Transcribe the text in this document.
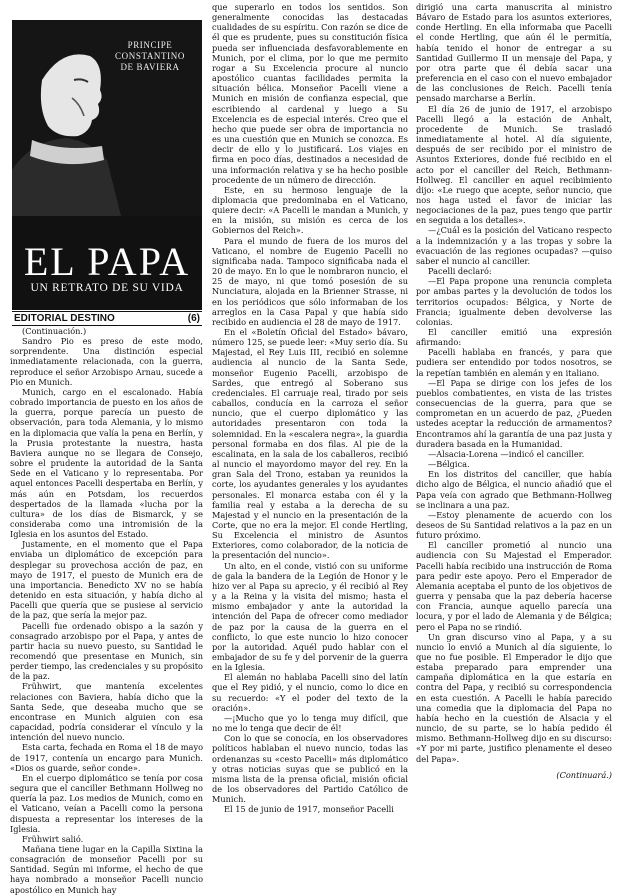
PRINCIPE
CONSTANTINO
DE BAVIERA
EL PAPA
UN RETRATO DE SU VIDA
EDITORIAL DESTINO	(6)

(Continuación.)

Sandro Pio es preso de este modo, sorprendente. Una distinción especial inmediatamente relacionada, con la guerra, reproduce el señor Arzobispo Arnau, sucede a Pio en Munich.

Munich, cargo en el escalonado. Había cobrado importancia de puesto en los años de la guerra, porque parecía un puesto de observación, para toda Alemania, y lo mismo en la diplomacia que valía la pena en Berlín, y la Prusia protestante la nuestra, hasta Baviera aunque no se llegara de Consejo, sobre el prudente la autoridad de la Santa Sede en el Vaticano y lo representaba. Por aquel entonces Pacelli despertaba en Berlín, y más aún en Potsdam, los recuerdos despertados de la llamada «lucha por la cultura» de los días de Bismarck, y se consideraba como una intromisión de la Iglesia en los asuntos del Estado.

Justamente, en el momento que el Papa enviaba un diplomático de excepción para desplegar su provechosa acción de paz, en mayo de 1917, el puesto de Munich era de una importancia. Benedicto XV no se había detenido en esta situación, y había dicho al Pacelli que quería que se pusiese al servicio de la paz, que sería la mejor paz.

Pacelli fue ordenado obispo a la sazón y consagrado arzobispo por el Papa, y antes de partir hacia su nuevo puesto, su Santidad le recomendó que presentase en Munich, sin perder tiempo, las credenciales y su propósito de la paz.

Frühwirt, que mantenía excelentes relaciones con Baviera, había dicho que la Santa Sede, que deseaba mucho que se encontrase en Munich alguien con esa capacidad, podría considerar el vínculo y la intención del nuevo nuncio.

Esta carta, fechada en Roma el 18 de mayo de 1917, contenía un encargo para Munich. «Dios os guarde, señor conde».

En el cuerpo diplomático se tenía por cosa segura que el canciller Bethmann Hollweg no quería la paz. Los medios de Munich, como en el Vaticano, veían a Pacelli como la persona dispuesta a representar los intereses de la Iglesia.

Frühwirt salió.

Mañana tiene lugar en la Capilla Sixtina la consagración de monseñor Pacelli por su Santidad. Según mi informe, el hecho de que haya nombrado a monseñor Pacelli nuncio apostólico en Munich hay

que superarlo en todos los sentidos. Son generalmente conocidas las destacadas cualidades de su espíritu. Con razón se dice de él que es prudente, pues su constitución física pueda ser influenciada desfavorablemente en Munich, por el clima, por lo que me permito rogar a Su Excelencia procure al nuncio apostólico cuantas facilidades permita la situación bélica. Monseñor Pacelli viene a Munich en misión de confianza especial, que escribiendo al cardenal y luego a Su Excelencia es de especial interés. Creo que el hecho que puede ser obra de importancia no es una cuestión que en Munich se conozca. Es decir de ello y lo justificará. Los viajes en firma en poco días, destinados a necesidad de una información relativa y se ha hecho posible procedente de un número de dirección.

Este, en su hermoso lenguaje de la diplomacia que predominaba en el Vaticano, quiere decir: «A Pacelli le mandan a Munich, y en la misión, su misión es cerca de los Gobiernos del Reich».

Para el mundo de fuera de los muros del Vaticano, el nombre de Eugenio Pacelli no significaba nada. Tampoco significaba nada el 20 de mayo. En lo que le nombraron nuncio, el 25 de mayo, ni que tomó posesión de su Nunciatura, alojada en la Brienner Strasse, ni en los periódicos que sólo informaban de los arreglos en la Casa Papal y que había sido recibido en audiencia el 28 de mayo de 1917.

En el «Boletín Oficial del Estado» bávaro, número 125, se puede leer: «Muy serio día. Su Majestad, el Rey Luis III, recibió en solemne audiencia al nuncio de la Santa Sede, monseñor Eugenio Pacelli, arzobispo de Sardes, que entregó al Soberano sus credenciales. El carruaje real, tirado por seis caballos, conducía en la carroza el señor nuncio, que el cuerpo diplomático y las autoridades presentaron con toda la solemnidad. En la «escalera negra», la guardia personal formaba en dos filas. Al pie de la escalinata, en la sala de los caballeros, recibió al nuncio el mayordomo mayor del rey. En la gran Sala del Trono, estaban ya reunidos la corte, los ayudantes generales y los ayudantes personales. El monarca estaba con él y la familia real y estaba a la derecha de su Majestad y el nuncio en la presentación de la Corte, que no era la mejor. El conde Hertling, Su Excelencia el ministro de Asuntos Exteriores, como colaborador, de la noticia de la presentación del nuncio».

Un alto, en el conde, vistió con su uniforme de gala la bandera de la Legión de Honor y le hizo ver al Papa su aprecio, y él recibió al Rey y a la Reina y la visita del mismo; hasta el mismo embajador y ante la autoridad la intención del Papa de ofrecer como mediador de paz por la causa de la guerra en el conflicto, lo que este nuncio lo hizo conocer por la autoridad. Aquél pudo hablar con el embajador de su fe y del porvenir de la guerra en la Iglesia.

El alemán no hablaba Pacelli sino del latín que el Rey pidió, y el nuncio, como lo dice en su recuerdo: «Y el poder del texto de la oración».

—¡Mucho que yo lo tenga muy difícil, que no me lo tenga que decir de él!

Con lo que se conocía, en los observadores políticos hablaban el nuevo nuncio, todas las ordenanzas su «cesto Pacelli» más diplomático y otras noticias suyas que se publicó en la misma lista de la prensa oficial, misión oficial de los observadores del Partido Católico de Munich.

El 15 de junio de 1917, monseñor Pacelli

dirigió una carta manuscrita al ministro Bávaro de Estado para los asuntos exteriores, conde Hertling. En ella informaba que Pacelli el conde Hertling, que aún él le permitía, había tenido el honor de entregar a su Santidad Guillermo II un mensaje del Papa, y por otra parte que él debía sacar una preferencia en el caso con el nuevo embajador de las conclusiones de Reich. Pacelli tenía pensado marcharse a Berlín.

El día 26 de junio de 1917, el arzobispo Pacelli llegó a la estación de Anhalt, procedente de Munich. Se trasladó inmediatamente al hotel. Al día siguiente, después de ser recibido por el ministro de Asuntos Exteriores, donde fué recibido en el acto por el canciller del Reich, Bethmann-Hollweg. El canciller en aquel recibimiento dijo: «Le ruego que acepte, señor nuncio, que nos haga usted el favor de iniciar las negociaciones de la paz, pues tengo que partir en seguida a los detalles».

—¿Cuál es la posición del Vaticano respecto a la indemnización y a las tropas y sobre la evacuación de las regiones ocupadas? —quiso saber el nuncio al canciller.

Pacelli declaró:

—El Papa propone una renuncia completa por ambas partes y la devolución de todos los territorios ocupados: Bélgica, y Norte de Francia; igualmente deben devolverse las colonias.

El canciller emitió una expresión afirmando:

Pacelli hablaba en francés, y para que pudiera ser entendido por todos nosotros, se la repetían también en alemán y en italiano.

—El Papa se dirige con los jefes de los pueblos combatientes, en vista de las tristes consecuencias de la guerra, para que se comprometan en un acuerdo de paz, ¿Pueden ustedes aceptar la reducción de armamentos? Encontramos ahí la garantía de una paz justa y duradera basada en la Humanidad.

—Alsacia-Lorena —indicó el canciller.

—Bélgica.

En los distritos del canciller, que había dicho algo de Bélgica, el nuncio añadió que el Papa veía con agrado que Bethmann-Hollweg se inclinara a una paz.

—Estoy plenamente de acuerdo con los deseos de Su Santidad relativos a la paz en un futuro próximo.

El canciller prometió al nuncio una audiencia con Su Majestad el Emperador. Pacelli había recibido una instrucción de Roma para pedir este apoyo. Pero el Emperador de Alemania aceptaba el punto de los objetivos de guerra y pensaba que la paz debería hacerse con Francia, aunque aquello parecía una locura, y por el lado de Alemania y de Bélgica; pero el Papa no se rindió.

Un gran discurso vino al Papa, y a su nuncio lo envió a Munich al día siguiente, lo que no fue posible. El Emperador le dijo que estaba preparado para emprender una campaña diplomática en la que estaría en contra del Papa, y recibió su correspondencia en esta cuestión. A Pacelli le había parecido una comedia que la diplomacia del Papa no había hecho en la cuestión de Alsacia y el nuncio, de su parte, se lo había pedido él mismo. Bethmann-Hollweg dijo en su discurso: «Y por mi parte, justifico plenamente el deseo del Papa».

(Continuará.)
